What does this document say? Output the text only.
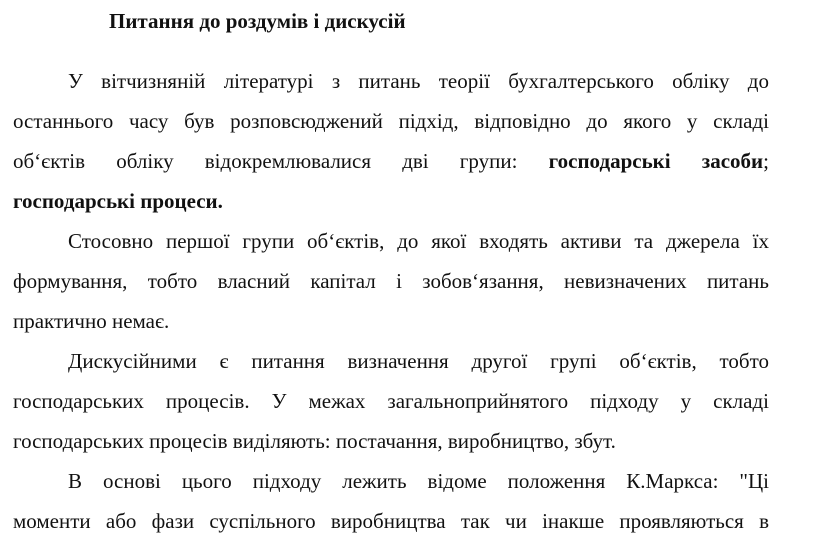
Питання до роздумів і дискусій
У вітчизняній літературі з питань теорії бухгалтерського обліку до
останнього часу був розповсюджений підхід, відповідно до якого у складі
об‘єктів обліку відокремлювалися дві групи: господарські засоби;
господарські процеси.
Стосовно першої групи об‘єктів, до якої входять активи та джерела їх
формування, тобто власний капітал і зобов‘язання, невизначених питань
практично немає.
Дискусійними є питання визначення другої групі об‘єктів, тобто
господарських процесів. У межах загальноприйнятого підходу у складі
господарських процесів виділяють: постачання, виробництво, збут.
В основі цього підходу лежить відоме положення К.Маркса: "Ці
моменти або фази суспільного виробництва так чи інакше проявляються в
